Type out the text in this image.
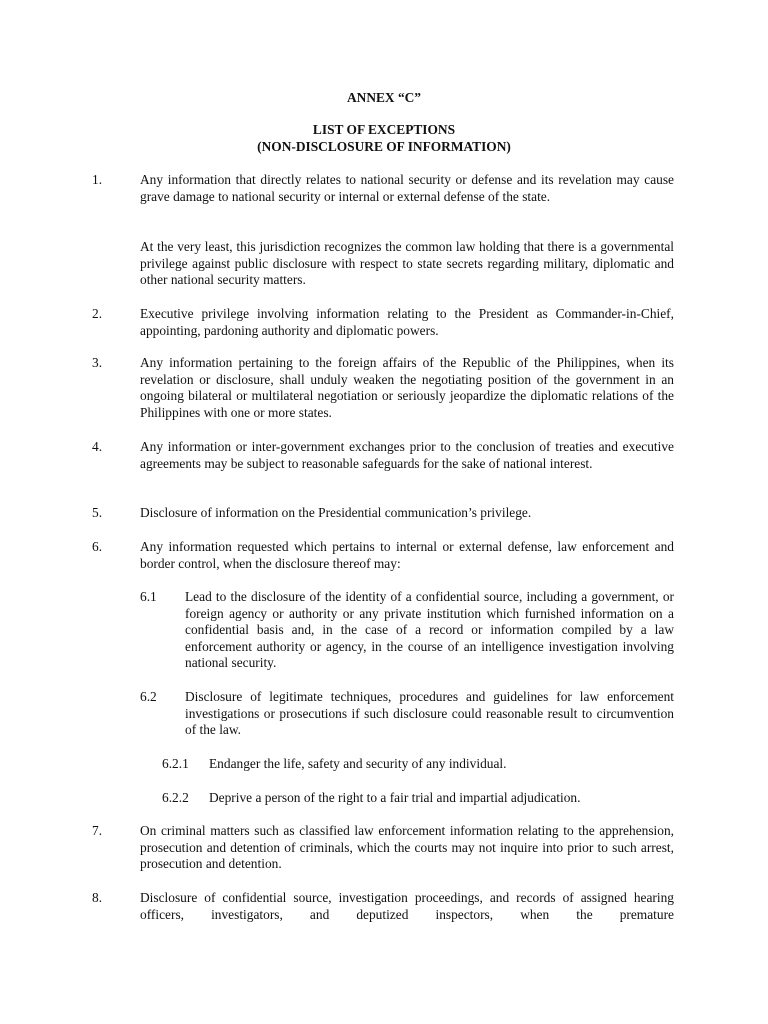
ANNEX “C”
LIST OF EXCEPTIONS
(NON-DISCLOSURE OF INFORMATION)
1.	Any information that directly relates to national security or defense and its revelation may cause grave damage to national security or internal or external defense of the state.
At the very least, this jurisdiction recognizes the common law holding that there is a governmental privilege against public disclosure with respect to state secrets regarding military, diplomatic and other national security matters.
2.	Executive privilege involving information relating to the President as Commander-in-Chief, appointing, pardoning authority and diplomatic powers.
3.	Any information pertaining to the foreign affairs of the Republic of the Philippines, when its revelation or disclosure, shall unduly weaken the negotiating position of the government in an ongoing bilateral or multilateral negotiation or seriously jeopardize the diplomatic relations of the Philippines with one or more states.
4.	Any information or inter-government exchanges prior to the conclusion of treaties and executive agreements may be subject to reasonable safeguards for the sake of national interest.
5.	Disclosure of information on the Presidential communication’s privilege.
6.	Any information requested which pertains to internal or external defense, law enforcement and border control, when the disclosure thereof may:
6.1 Lead to the disclosure of the identity of a confidential source, including a government, or foreign agency or authority or any private institution which furnished information on a confidential basis and, in the case of a record or information compiled by a law enforcement authority or agency, in the course of an intelligence investigation involving national security.
6.2 Disclosure of legitimate techniques, procedures and guidelines for law enforcement investigations or prosecutions if such disclosure could reasonable result to circumvention of the law.
6.2.1 Endanger the life, safety and security of any individual.
6.2.2 Deprive a person of the right to a fair trial and impartial adjudication.
7.	On criminal matters such as classified law enforcement information relating to the apprehension, prosecution and detention of criminals, which the courts may not inquire into prior to such arrest, prosecution and detention.
8.	Disclosure of confidential source, investigation proceedings, and records of assigned hearing officers, investigators, and deputized inspectors, when the premature
